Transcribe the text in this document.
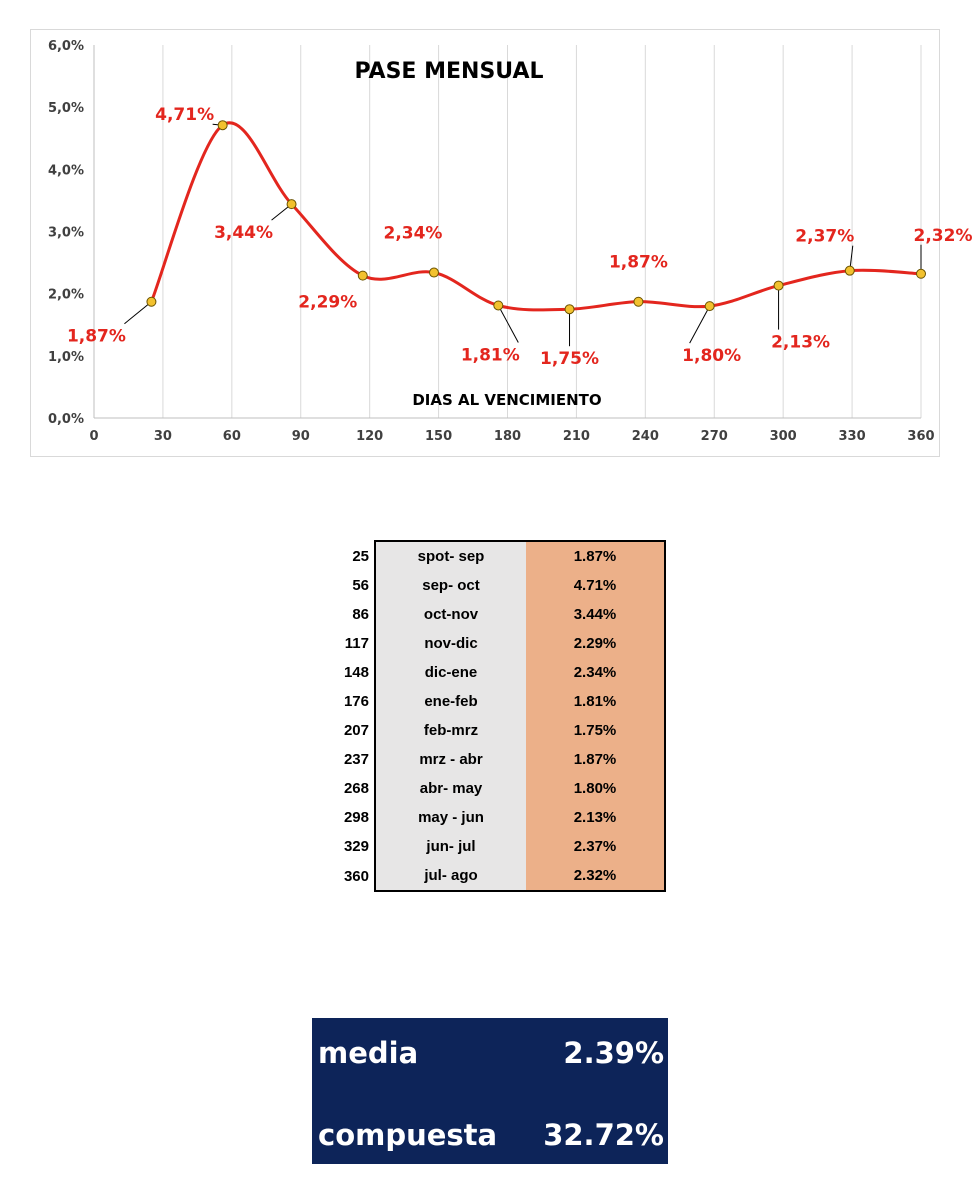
0	30	60	90	120	150	180	210	240	270	300	330	360
0,0%
1,0%
2,0%
3,0%
4,0%
5,0%
6,0%
1,87%
4,71%
3,44%
2,29%
2,34%
1,81% 1,75%
1,87%
1,80%
2,13%
2,37%	2,32%
PASE MENSUAL
DIAS AL VENCIMIENTO
25	spot- sep	1.87%
56	sep- oct	4.71%
86	oct-nov	3.44%
117	nov-dic	2.29%
148	dic-ene	2.34%
176	ene-feb	1.81%
207	feb-mrz	1.75%
237	mrz - abr	1.87%
268	abr- may	1.80%
298	may - jun	2.13%
329	jun- jul	2.37%
360	jul- ago	2.32%
media	2.39%
compuesta 32.72%
